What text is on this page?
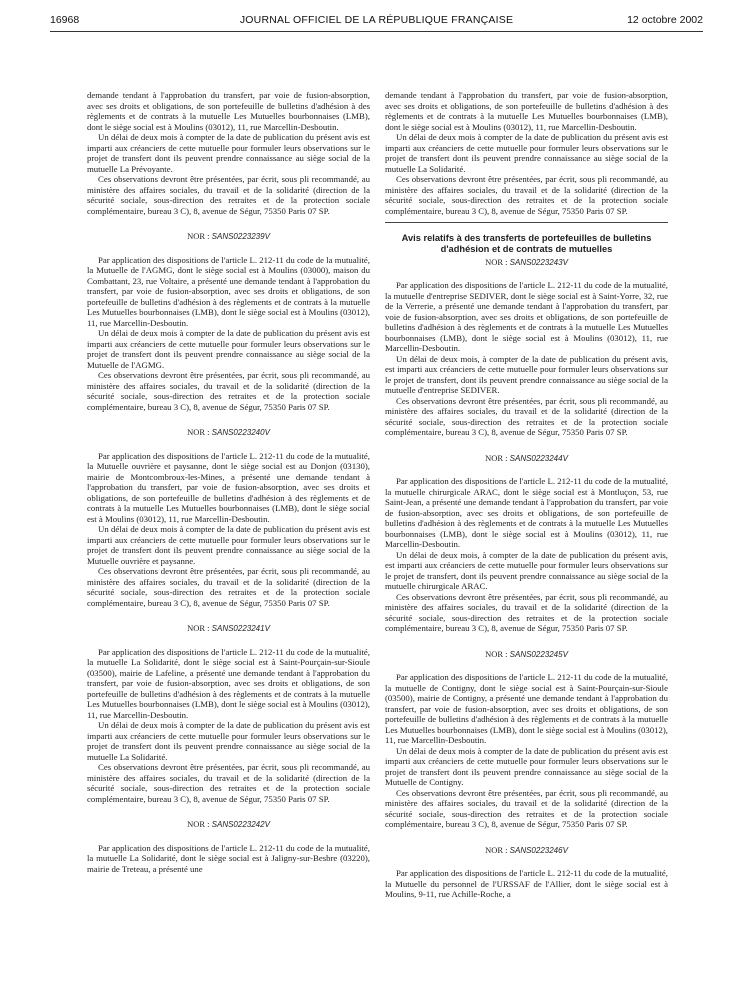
16968	JOURNAL OFFICIEL DE LA RÉPUBLIQUE FRANÇAISE	12 octobre 2002

demande tendant à l'approbation du transfert, par voie de fusion-absorption, avec ses droits et obligations, de son portefeuille de bulletins d'adhésion à des règlements et de contrats à la mutuelle Les Mutuelles bourbonnaises (LMB), dont le siège social est à Moulins (03012), 11, rue Marcellin-Desboutin.

Un délai de deux mois à compter de la date de publication du présent avis est imparti aux créanciers de cette mutuelle pour formuler leurs observations sur le projet de transfert dont ils peuvent prendre connaissance au siège social de la mutuelle La Prévoyante.

Ces observations devront être présentées, par écrit, sous pli recommandé, au ministère des affaires sociales, du travail et de la solidarité (direction de la sécurité sociale, sous-direction des retraites et de la protection sociale complémentaire, bureau 3 C), 8, avenue de Ségur, 75350 Paris 07 SP.

NOR : SANS0223239V

Par application des dispositions de l'article L. 212-11 du code de la mutualité, la Mutuelle de l'AGMG, dont le siège social est à Moulins (03000), maison du Combattant, 23, rue Voltaire, a présenté une demande tendant à l'approbation du transfert, par voie de fusion-absorption, avec ses droits et obligations, de son portefeuille de bulletins d'adhésion à des règlements et de contrats à la mutuelle Les Mutuelles bourbonnaises (LMB), dont le siège social est à Moulins (03012), 11, rue Marcellin-Desboutin.

Un délai de deux mois à compter de la date de publication du présent avis est imparti aux créanciers de cette mutuelle pour formuler leurs observations sur le projet de transfert dont ils peuvent prendre connaissance au siège social de la Mutuelle de l'AGMG.

Ces observations devront être présentées, par écrit, sous pli recommandé, au ministère des affaires sociales, du travail et de la solidarité (direction de la sécurité sociale, sous-direction des retraites et de la protection sociale complémentaire, bureau 3 C), 8, avenue de Ségur, 75350 Paris 07 SP.

NOR : SANS0223240V

Par application des dispositions de l'article L. 212-11 du code de la mutualité, la Mutuelle ouvrière et paysanne, dont le siège social est au Donjon (03130), mairie de Montcombroux-les-Mines, a présenté une demande tendant à l'approbation du transfert, par voie de fusion-absorption, avec ses droits et obligations, de son portefeuille de bulletins d'adhésion à des règlements et de contrats à la mutuelle Les Mutuelles bourbonnaises (LMB), dont le siège social est à Moulins (03012), 11, rue Marcellin-Desboutin.

Un délai de deux mois à compter de la date de publication du présent avis est imparti aux créanciers de cette mutuelle pour formuler leurs observations sur le projet de transfert dont ils peuvent prendre connaissance au siège social de la Mutuelle ouvrière et paysanne.

Ces observations devront être présentées, par écrit, sous pli recommandé, au ministère des affaires sociales, du travail et de la solidarité (direction de la sécurité sociale, sous-direction des retraites et de la protection sociale complémentaire, bureau 3 C), 8, avenue de Ségur, 75350 Paris 07 SP.

NOR : SANS0223241V

Par application des dispositions de l'article L. 212-11 du code de la mutualité, la mutuelle La Solidarité, dont le siège social est à Saint-Pourçain-sur-Sioule (03500), mairie de Lafeline, a présenté une demande tendant à l'approbation du transfert, par voie de fusion-absorption, avec ses droits et obligations, de son portefeuille de bulletins d'adhésion à des règlements et de contrats à la mutuelle Les Mutuelles bourbonnaises (LMB), dont le siège social est à Moulins (03012), 11, rue Marcellin-Desboutin.

Un délai de deux mois à compter de la date de publication du présent avis est imparti aux créanciers de cette mutuelle pour formuler leurs observations sur le projet de transfert dont ils peuvent prendre connaissance au siège social de la mutuelle La Solidarité.

Ces observations devront être présentées, par écrit, sous pli recommandé, au ministère des affaires sociales, du travail et de la solidarité (direction de la sécurité sociale, sous-direction des retraites et de la protection sociale complémentaire, bureau 3 C), 8, avenue de Ségur, 75350 Paris 07 SP.

NOR : SANS0223242V

Par application des dispositions de l'article L. 212-11 du code de la mutualité, la mutuelle La Solidarité, dont le siège social est à Jaligny-sur-Besbre (03220), mairie de Treteau, a présenté une

demande tendant à l'approbation du transfert, par voie de fusion-absorption, avec ses droits et obligations, de son portefeuille de bulletins d'adhésion à des règlements et de contrats à la mutuelle Les Mutuelles bourbonnaises (LMB), dont le siège social est à Moulins (03012), 11, rue Marcellin-Desboutin.

Un délai de deux mois à compter de la date de publication du présent avis est imparti aux créanciers de cette mutuelle pour formuler leurs observations sur le projet de transfert dont ils peuvent prendre connaissance au siège social de la mutuelle La Solidarité.

Ces observations devront être présentées, par écrit, sous pli recommandé, au ministère des affaires sociales, du travail et de la solidarité (direction de la sécurité sociale, sous-direction des retraites et de la protection sociale complémentaire, bureau 3 C), 8, avenue de Ségur, 75350 Paris 07 SP.

Avis relatifs à des transferts de portefeuilles de bulletins d'adhésion et de contrats de mutuelles
NOR : SANS0223243V

Par application des dispositions de l'article L. 212-11 du code de la mutualité, la mutuelle d'entreprise SEDIVER, dont le siège social est à Saint-Yorre, 32, rue de la Verrerie, a présenté une demande tendant à l'approbation du transfert, par voie de fusion-absorption, avec ses droits et obligations, de son portefeuille de bulletins d'adhésion à des règlements et de contrats à la mutuelle Les Mutuelles bourbonnaises (LMB), dont le siège social est à Moulins (03012), 11, rue Marcellin-Desboutin.

Un délai de deux mois, à compter de la date de publication du présent avis, est imparti aux créanciers de cette mutuelle pour formuler leurs observations sur le projet de transfert, dont ils peuvent prendre connaissance au siège social de la mutuelle d'entreprise SEDIVER.

Ces observations devront être présentées, par écrit, sous pli recommandé, au ministère des affaires sociales, du travail et de la solidarité (direction de la sécurité sociale, sous-direction des retraites et de la protection sociale complémentaire, bureau 3 C), 8, avenue de Ségur, 75350 Paris 07 SP.

NOR : SANS0223244V

Par application des dispositions de l'article L. 212-11 du code de la mutualité, la mutuelle chirurgicale ARAC, dont le siège social est à Montluçon, 53, rue Saint-Jean, a présenté une demande tendant à l'approbation du transfert, par voie de fusion-absorption, avec ses droits et obligations, de son portefeuille de bulletins d'adhésion à des règlements et de contrats à la mutuelle Les Mutuelles bourbonnaises (LMB), dont le siège social est à Moulins (03012), 11, rue Marcellin-Desboutin.

Un délai de deux mois, à compter de la date de publication du présent avis, est imparti aux créanciers de cette mutuelle pour formuler leurs observations sur le projet de transfert, dont ils peuvent prendre connaissance au siège social de la mutuelle chirurgicale ARAC.

Ces observations devront être présentées, par écrit, sous pli recommandé, au ministère des affaires sociales, du travail et de la solidarité (direction de la sécurité sociale, sous-direction des retraites et de la protection sociale complémentaire, bureau 3 C), 8, avenue de Ségur, 75350 Paris 07 SP.

NOR : SANS0223245V

Par application des dispositions de l'article L. 212-11 du code de la mutualité, la mutuelle de Contigny, dont le siège social est à Saint-Pourçain-sur-Sioule (03500), mairie de Contigny, a présenté une demande tendant à l'approbation du transfert, par voie de fusion-absorption, avec ses droits et obligations, de son portefeuille de bulletins d'adhésion à des règlements et de contrats à la mutuelle Les Mutuelles bourbonnaises (LMB), dont le siège social est à Moulins (03012), 11, rue Marcellin-Desboutin.

Un délai de deux mois à compter de la date de publication du présent avis est imparti aux créanciers de cette mutuelle pour formuler leurs observations sur le projet de transfert dont ils peuvent prendre connaissance au siège social de la Mutuelle de Contigny.

Ces observations devront être présentées, par écrit, sous pli recommandé, au ministère des affaires sociales, du travail et de la solidarité (direction de la sécurité sociale, sous-direction des retraites et de la protection sociale complémentaire, bureau 3 C), 8, avenue de Ségur, 75350 Paris 07 SP.

NOR : SANS0223246V

Par application des dispositions de l'article L. 212-11 du code de la mutualité, la Mutuelle du personnel de l'URSSAF de l'Allier, dont le siège social est à Moulins, 9-11, rue Achille-Roche, a
